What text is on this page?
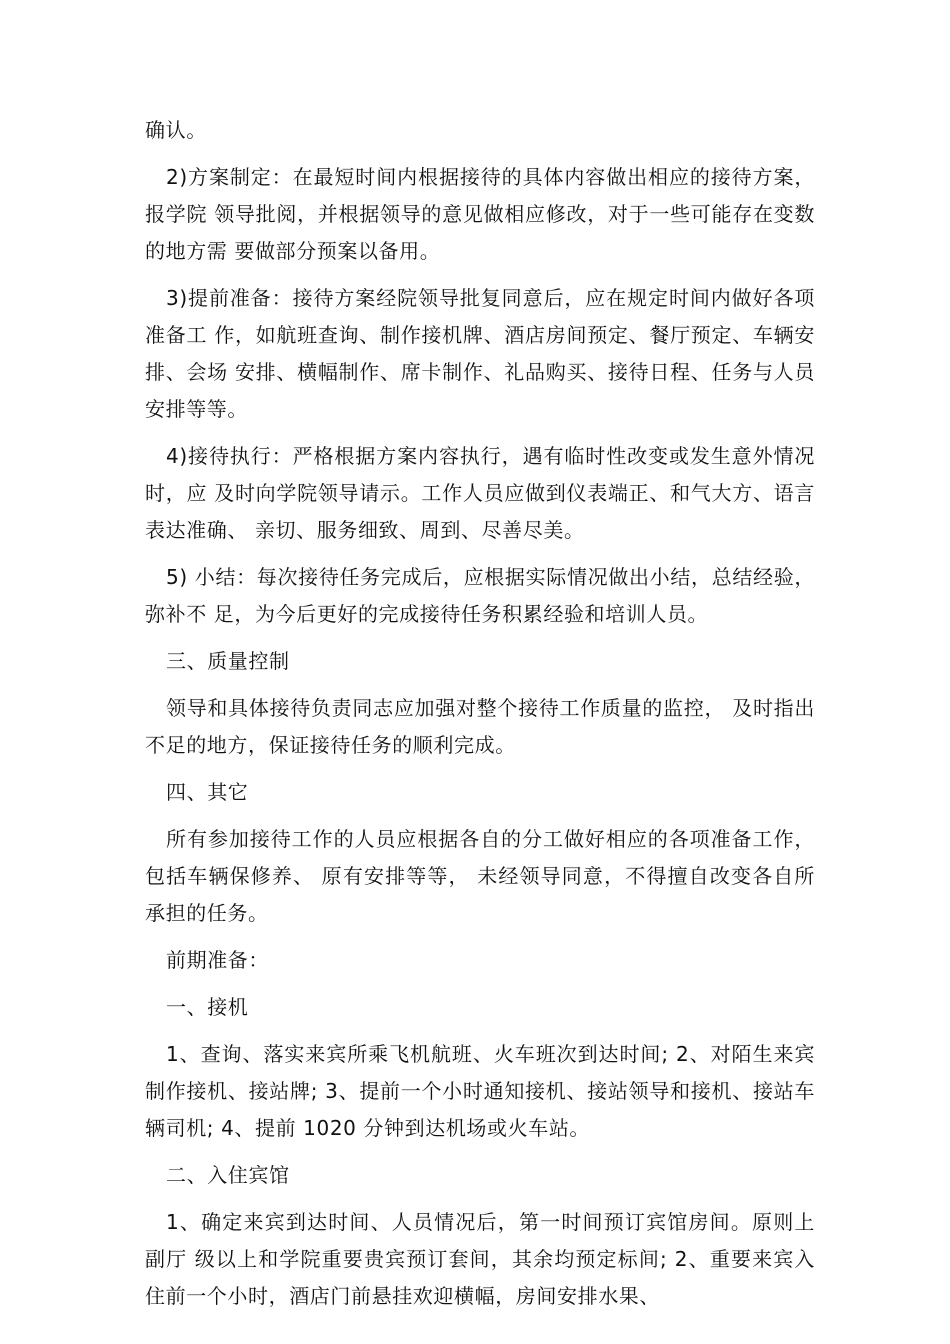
确认。

2)方案制定：在最短时间内根据接待的具体内容做出相应的接待方案，报学院 领导批阅，并根据领导的意见做相应修改，对于一些可能存在变数的地方需 要做部分预案以备用。

3)提前准备：接待方案经院领导批复同意后，应在规定时间内做好各项准备工 作，如航班查询、制作接机牌、酒店房间预定、餐厅预定、车辆安排、会场 安排、横幅制作、席卡制作、礼品购买、接待日程、任务与人员安排等等。

4)接待执行：严格根据方案内容执行，遇有临时性改变或发生意外情况时，应 及时向学院领导请示。工作人员应做到仪表端正、和气大方、语言表达准确、 亲切、服务细致、周到、尽善尽美。

5) 小结：每次接待任务完成后，应根据实际情况做出小结，总结经验，弥补不 足，为今后更好的完成接待任务积累经验和培训人员。

三、质量控制

领导和具体接待负责同志应加强对整个接待工作质量的监控， 及时指出不足的地方，保证接待任务的顺利完成。

四、其它

所有参加接待工作的人员应根据各自的分工做好相应的各项准备工作， 包括车辆保修养、 原有安排等等， 未经领导同意，不得擅自改变各自所承担的任务。

前期准备：

一、接机

1、查询、落实来宾所乘飞机航班、火车班次到达时间; 2、对陌生来宾制作接机、接站牌; 3、提前一个小时通知接机、接站领导和接机、接站车辆司机; 4、提前 1020 分钟到达机场或火车站。

二、入住宾馆

1、确定来宾到达时间、人员情况后，第一时间预订宾馆房间。原则上副厅 级以上和学院重要贵宾预订套间，其余均预定标间; 2、重要来宾入住前一个小时，酒店门前悬挂欢迎横幅，房间安排水果、
